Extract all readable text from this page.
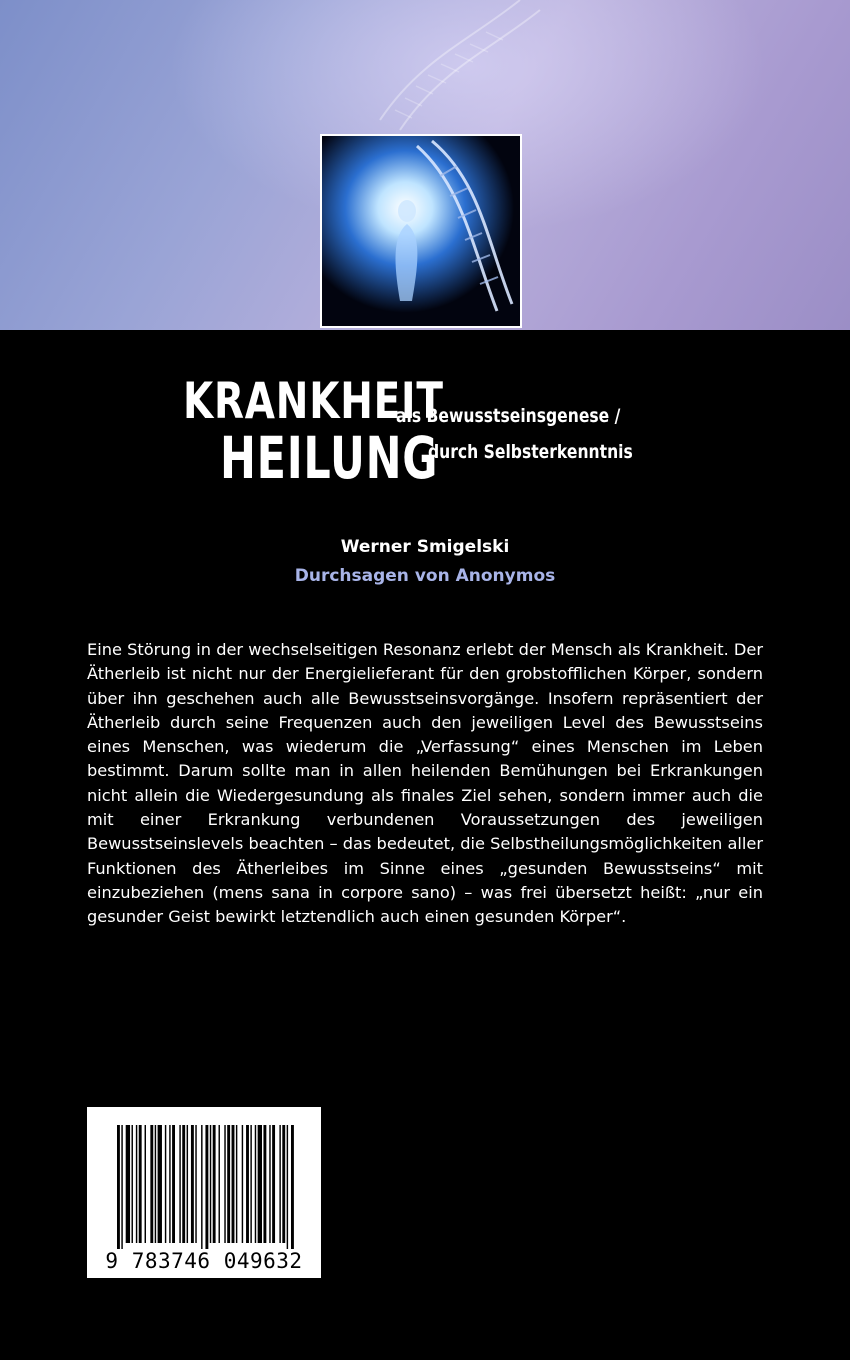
KRANKHEIT
als Bewusstseinsgenese /
HEILUNG
durch Selbsterkenntnis
Werner Smigelski
Durchsagen von Anonymos
Eine Störung in der wechselseitigen Resonanz erlebt der Mensch als Krankheit. Der Ätherleib ist nicht nur der Energielieferant für den grobstofflichen Körper, sondern über ihn geschehen auch alle Bewusstseinsvorgänge. Insofern repräsentiert der Ätherleib durch seine Frequenzen auch den jeweiligen Level des Bewusstseins eines Menschen, was wiederum die „Verfassung“ eines Menschen im Leben bestimmt. Darum sollte man in allen heilenden Bemühungen bei Erkrankungen nicht allein die Wiedergesundung als finales Ziel sehen, sondern immer auch die mit einer Erkrankung verbundenen Voraussetzungen des jeweiligen Bewusstseinslevels beachten – das bedeutet, die Selbstheilungsmöglichkeiten aller Funktionen des Ätherleibes im Sinne eines „gesunden Bewusstseins“ mit einzubeziehen (mens sana in corpore sano) – was frei übersetzt heißt: „nur ein gesunder Geist bewirkt letztendlich auch einen gesunden Körper“.
9 783746 049632
